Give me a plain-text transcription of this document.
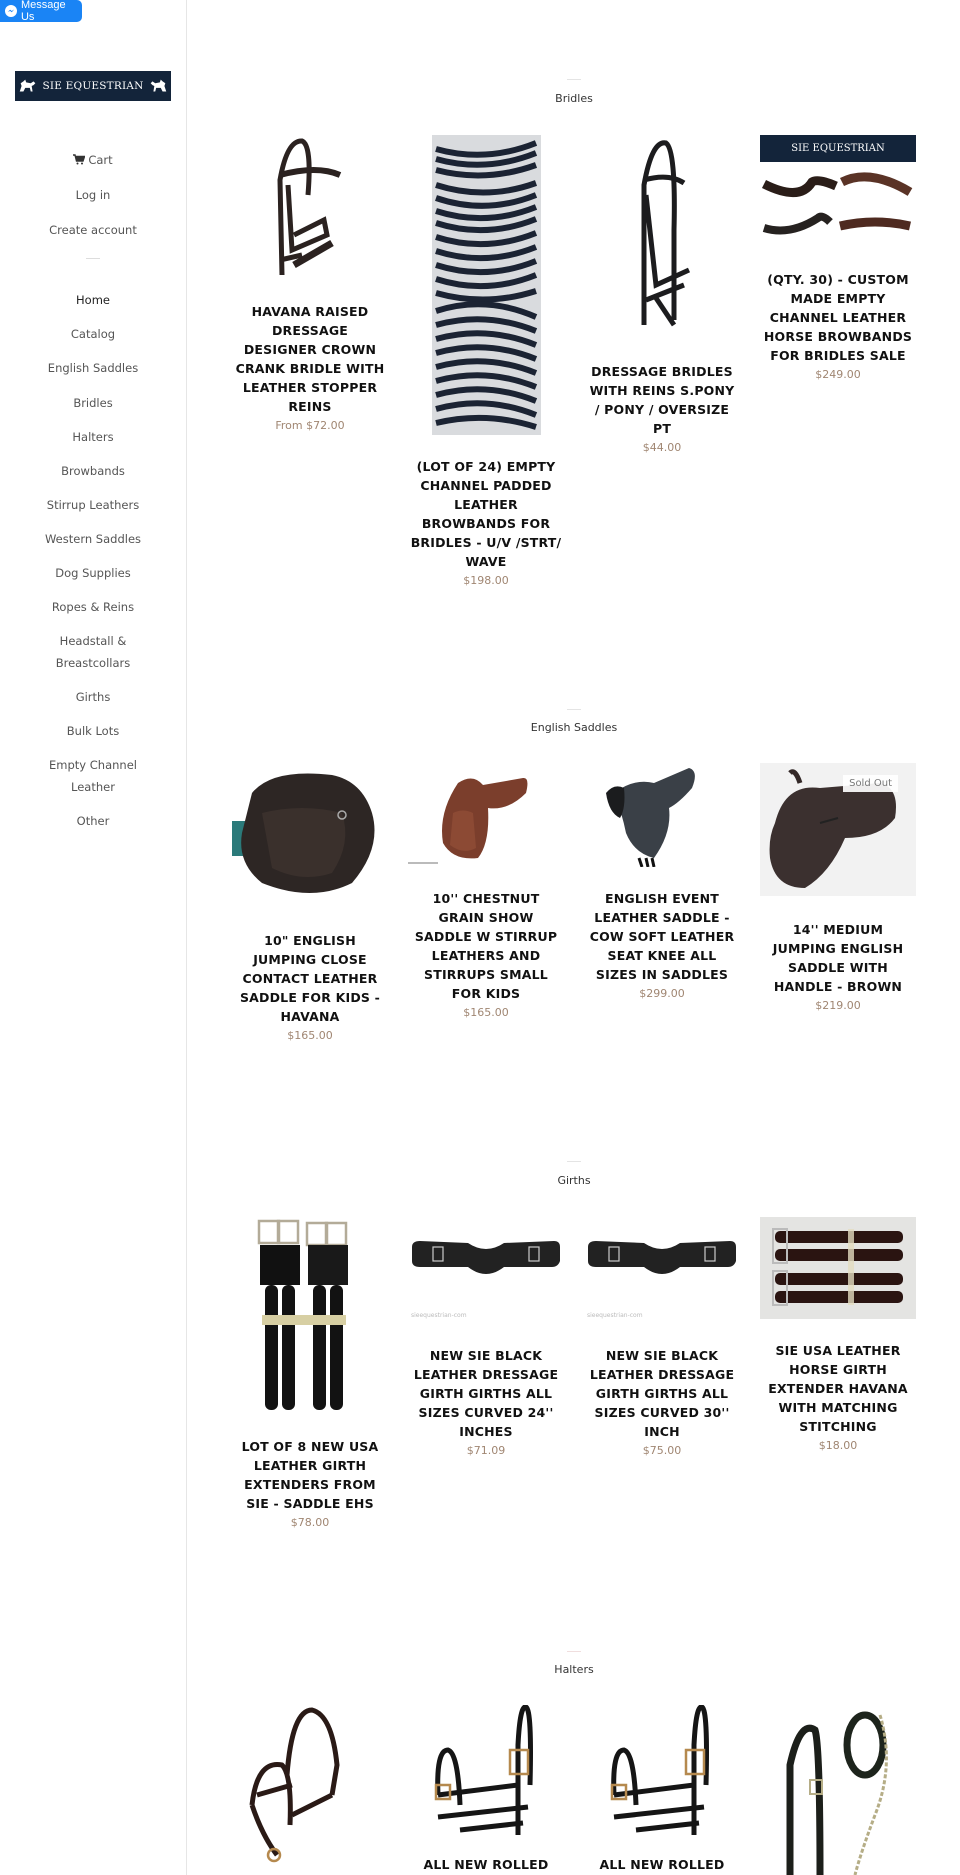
Message Us
SIE EQUESTRIAN
Cart
Log in
Create account
Home
Catalog
English Saddles
Bridles
Halters
Browbands
Stirrup Leathers
Western Saddles
Dog Supplies
Ropes & Reins
Headstall & Breastcollars
Girths
Bulk Lots
Empty Channel Leather
Other
Bridles
HAVANA RAISED DRESSAGE DESIGNER CROWN CRANK BRIDLE WITH LEATHER STOPPER REINS
From $72.00
(LOT OF 24) EMPTY CHANNEL PADDED LEATHER BROWBANDS FOR BRIDLES - U/V /STRT/ WAVE
$198.00
DRESSAGE BRIDLES WITH REINS S.PONY / PONY / OVERSIZE PT
$44.00
SIE EQUESTRIAN
(QTY. 30) - CUSTOM MADE EMPTY CHANNEL LEATHER HORSE BROWBANDS FOR BRIDLES SALE
$249.00
English Saddles
10" ENGLISH JUMPING CLOSE CONTACT LEATHER SADDLE FOR KIDS - HAVANA
$165.00
10'' CHESTNUT GRAIN SHOW SADDLE W STIRRUP LEATHERS AND STIRRUPS SMALL FOR KIDS
$165.00
ENGLISH EVENT LEATHER SADDLE - COW SOFT LEATHER SEAT KNEE ALL SIZES IN SADDLES
$299.00
Sold Out
14'' MEDIUM JUMPING ENGLISH SADDLE WITH HANDLE - BROWN
$219.00
Girths
LOT OF 8 NEW USA LEATHER GIRTH EXTENDERS FROM SIE - SADDLE EHS
$78.00
sieequestrian-com
NEW SIE BLACK LEATHER DRESSAGE GIRTH GIRTHS ALL SIZES CURVED 24'' INCHES
$71.09
sieequestrian-com
NEW SIE BLACK LEATHER DRESSAGE GIRTH GIRTHS ALL SIZES CURVED 30'' INCH
$75.00
SIE USA LEATHER HORSE GIRTH EXTENDER HAVANA WITH MATCHING STITCHING
$18.00
Halters
ALL NEW ROLLED	ALL NEW ROLLED
